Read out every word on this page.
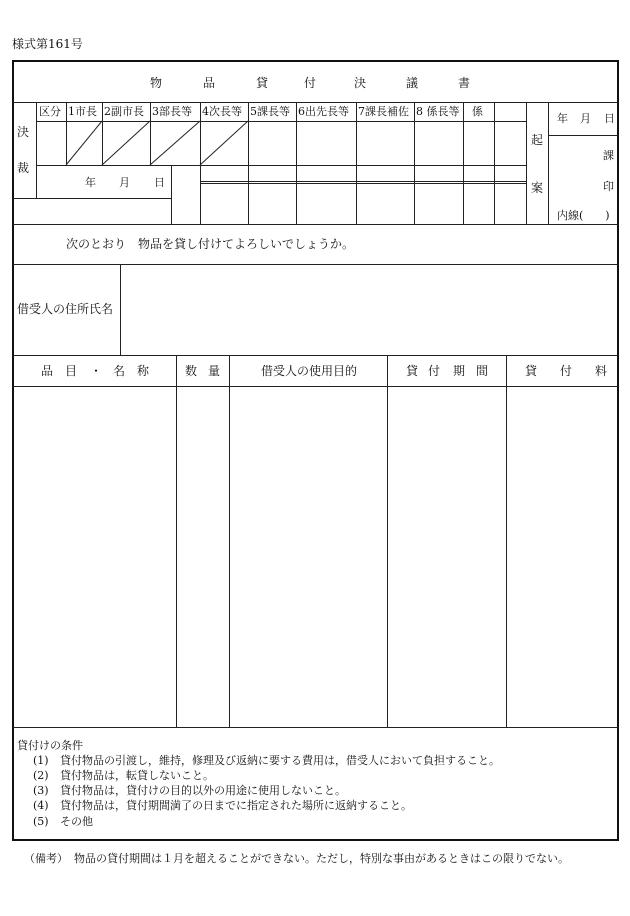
様式第161号
物	品	貸	付	決	議	書
決
裁
区分 1市長 2副市長 3部長等 4次長等 5課長等 6出先長等 7課長補佐 8 係長等 係
年 月 日
起
案
年 月 日
課
印
内線(　　)
次のとおり　物品を貸し付けてよろしいでしょうか。
借受人の住所氏名
品 目 ・ 名 称	数 量	借受人の使用目的	貸 付 期 間	貸 付 料
貸付けの条件
(1) 貸付物品の引渡し，維持，修理及び返納に要する費用は，借受人において負担すること。
(2) 貸付物品は，転貸しないこと。
(3) 貸付物品は，貸付けの目的以外の用途に使用しないこと。
(4) 貸付物品は，貸付期間満了の日までに指定された場所に返納すること。
(5) その他
（備考） 物品の貸付期間は１月を超えることができない。ただし，特別な事由があるときはこの限りでない。
